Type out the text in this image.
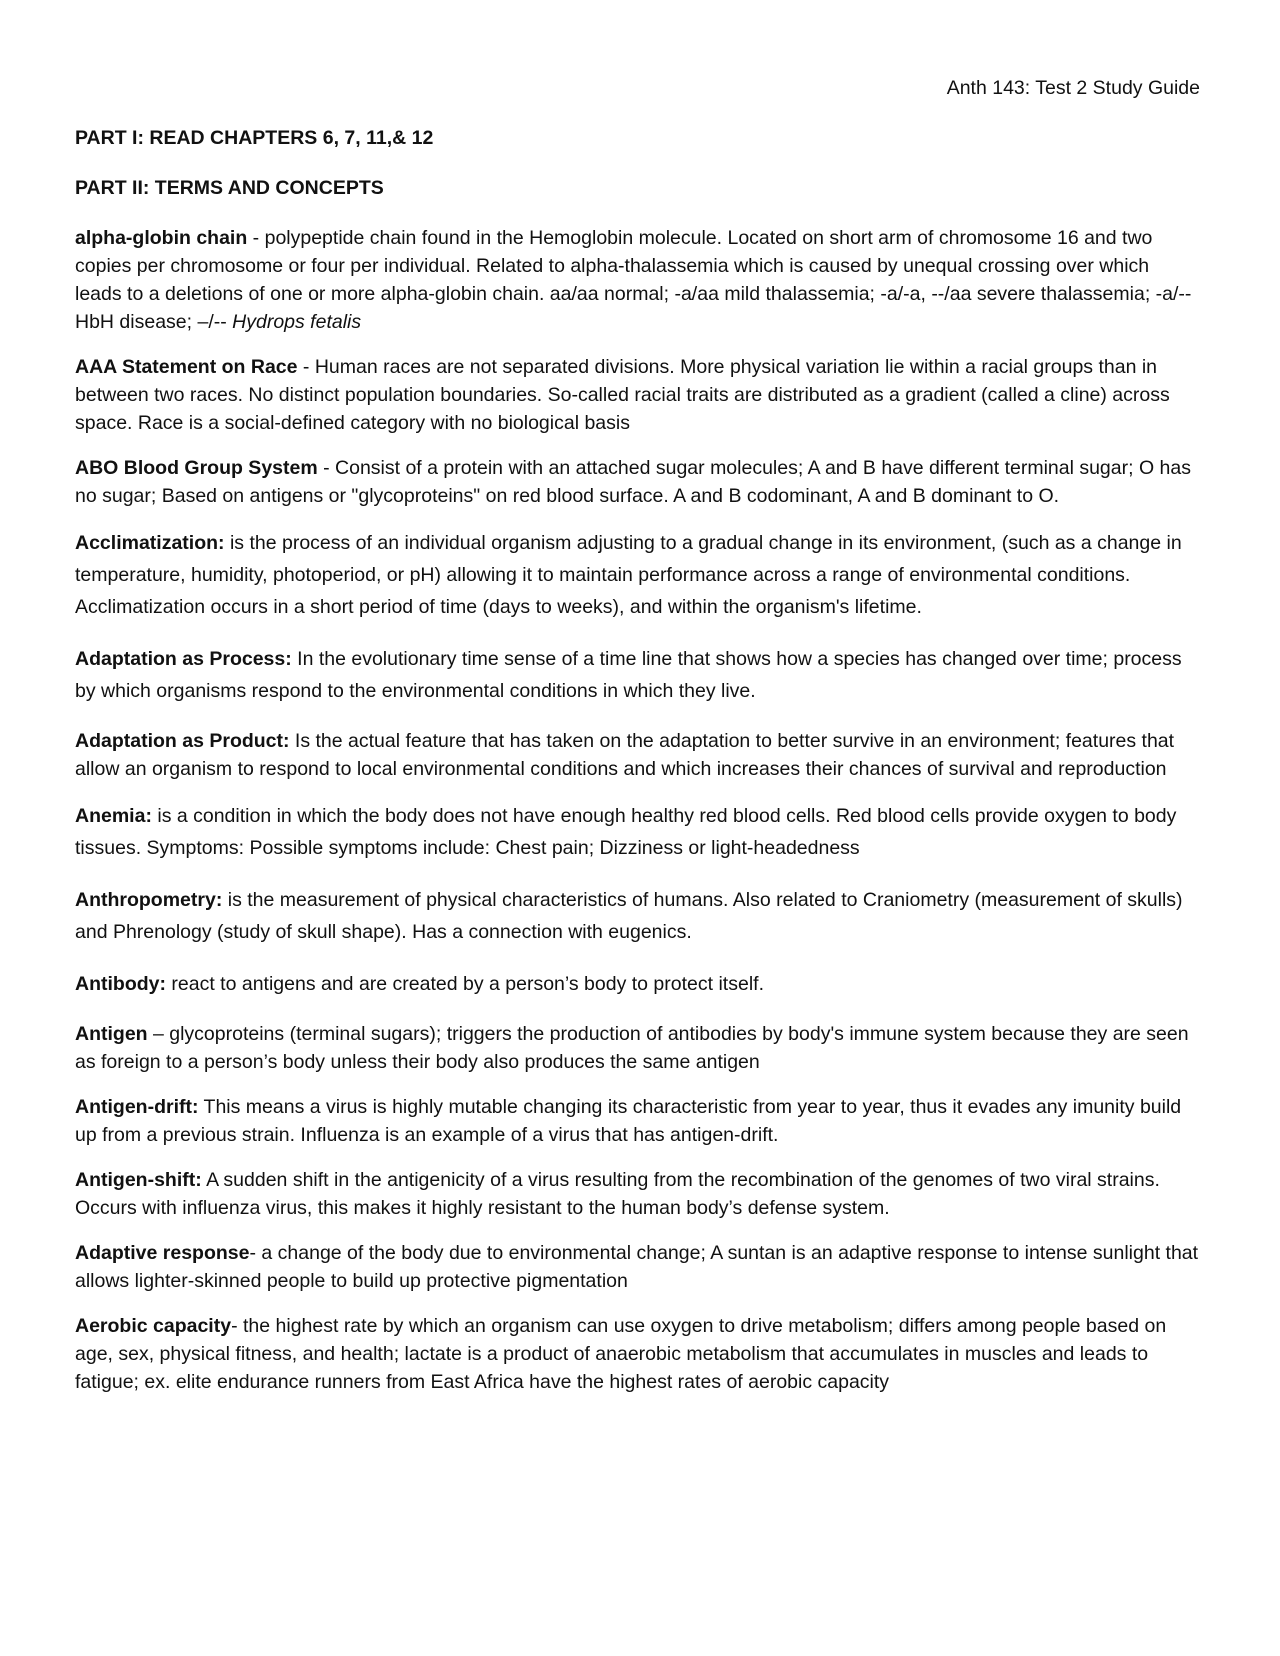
Anth 143: Test 2 Study Guide
PART I: READ CHAPTERS 6, 7, 11,& 12
PART II: TERMS AND CONCEPTS
alpha-globin chain - polypeptide chain found in the Hemoglobin molecule. Located on short arm of chromosome 16 and two copies per chromosome or four per individual. Related to alpha-thalassemia which is caused by unequal crossing over which leads to a deletions of one or more alpha-globin chain. aa/aa normal; -a/aa mild thalassemia; -a/-a, --/aa severe thalassemia; -a/-- HbH disease; –/-- Hydrops fetalis
AAA Statement on Race - Human races are not separated divisions. More physical variation lie within a racial groups than in between two races. No distinct population boundaries. So-called racial traits are distributed as a gradient (called a cline) across space. Race is a social-defined category with no biological basis
ABO Blood Group System - Consist of a protein with an attached sugar molecules; A and B have different terminal sugar; O has no sugar; Based on antigens or "glycoproteins" on red blood surface. A and B codominant, A and B dominant to O.
Acclimatization: is the process of an individual organism adjusting to a gradual change in its environment, (such as a change in temperature, humidity, photoperiod, or pH) allowing it to maintain performance across a range of environmental conditions. Acclimatization occurs in a short period of time (days to weeks), and within the organism's lifetime.
Adaptation as Process: In the evolutionary time sense of a time line that shows how a species has changed over time; process by which organisms respond to the environmental conditions in which they live.
Adaptation as Product: Is the actual feature that has taken on the adaptation to better survive in an environment; features that allow an organism to respond to local environmental conditions and which increases their chances of survival and reproduction
Anemia: is a condition in which the body does not have enough healthy red blood cells. Red blood cells provide oxygen to body tissues. Symptoms: Possible symptoms include: Chest pain; Dizziness or light-headedness
Anthropometry: is the measurement of physical characteristics of humans. Also related to Craniometry (measurement of skulls) and Phrenology (study of skull shape). Has a connection with eugenics.
Antibody: react to antigens and are created by a person’s body to protect itself.
Antigen – glycoproteins (terminal sugars); triggers the production of antibodies by body's immune system because they are seen as foreign to a person’s body unless their body also produces the same antigen
Antigen-drift: This means a virus is highly mutable changing its characteristic from year to year, thus it evades any imunity build up from a previous strain. Influenza is an example of a virus that has antigen-drift.
Antigen-shift: A sudden shift in the antigenicity of a virus resulting from the recombination of the genomes of two viral strains. Occurs with influenza virus, this makes it highly resistant to the human body’s defense system.
Adaptive response- a change of the body due to environmental change; A suntan is an adaptive response to intense sunlight that allows lighter-skinned people to build up protective pigmentation
Aerobic capacity- the highest rate by which an organism can use oxygen to drive metabolism; differs among people based on age, sex, physical fitness, and health; lactate is a product of anaerobic metabolism that accumulates in muscles and leads to fatigue; ex. elite endurance runners from East Africa have the highest rates of aerobic capacity
